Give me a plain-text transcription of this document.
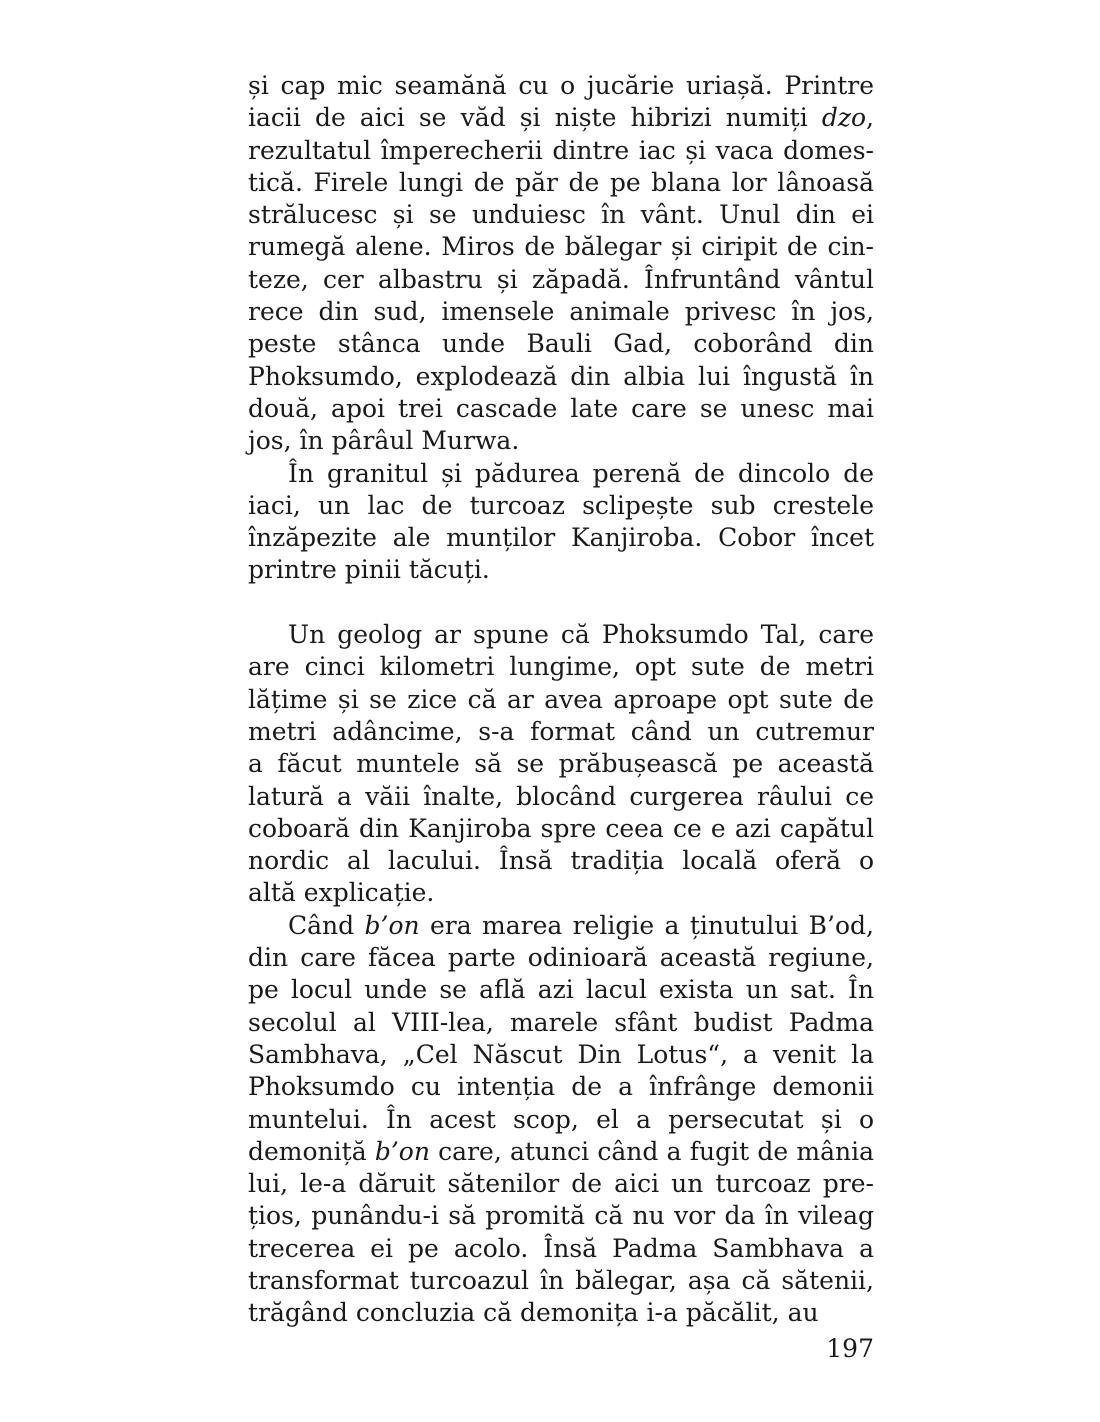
și cap mic seamănă cu o jucărie uriașă. Printre
iacii de aici se văd și niște hibrizi numiți dzo,
rezultatul împerecherii dintre iac și vaca domes-
tică. Firele lungi de păr de pe blana lor lânoasă
strălucesc și se unduiesc în vânt. Unul din ei
rumegă alene. Miros de bălegar și ciripit de cin-
teze, cer albastru și zăpadă. Înfruntând vântul
rece din sud, imensele animale privesc în jos,
peste stânca unde Bauli Gad, coborând din
Phoksumdo, explodează din albia lui îngustă în
două, apoi trei cascade late care se unesc mai
jos, în pârâul Murwa.

În granitul și pădurea perenă de dincolo de
iaci, un lac de turcoaz sclipește sub crestele
înzăpezite ale munților Kanjiroba. Cobor încet
printre pinii tăcuți.

Un geolog ar spune că Phoksumdo Tal, care
are cinci kilometri lungime, opt sute de metri
lățime și se zice că ar avea aproape opt sute de
metri adâncime, s-a format când un cutremur
a făcut muntele să se prăbușească pe această
latură a văii înalte, blocând curgerea râului ce
coboară din Kanjiroba spre ceea ce e azi capătul
nordic al lacului. Însă tradiția locală oferă o
altă explicație.

Când b’on era marea religie a ținutului B’od,
din care făcea parte odinioară această regiune,
pe locul unde se află azi lacul exista un sat. În
secolul al VIII-lea, marele sfânt budist Padma
Sambhava, „Cel Născut Din Lotus“, a venit la
Phoksumdo cu intenția de a înfrânge demonii
muntelui. În acest scop, el a persecutat și o
demoniță b’on care, atunci când a fugit de mânia
lui, le-a dăruit sătenilor de aici un turcoaz pre-
țios, punându-i să promită că nu vor da în vileag
trecerea ei pe acolo. Însă Padma Sambhava a
transformat turcoazul în bălegar, așa că sătenii,
trăgând concluzia că demonița i-a păcălit, au

197
